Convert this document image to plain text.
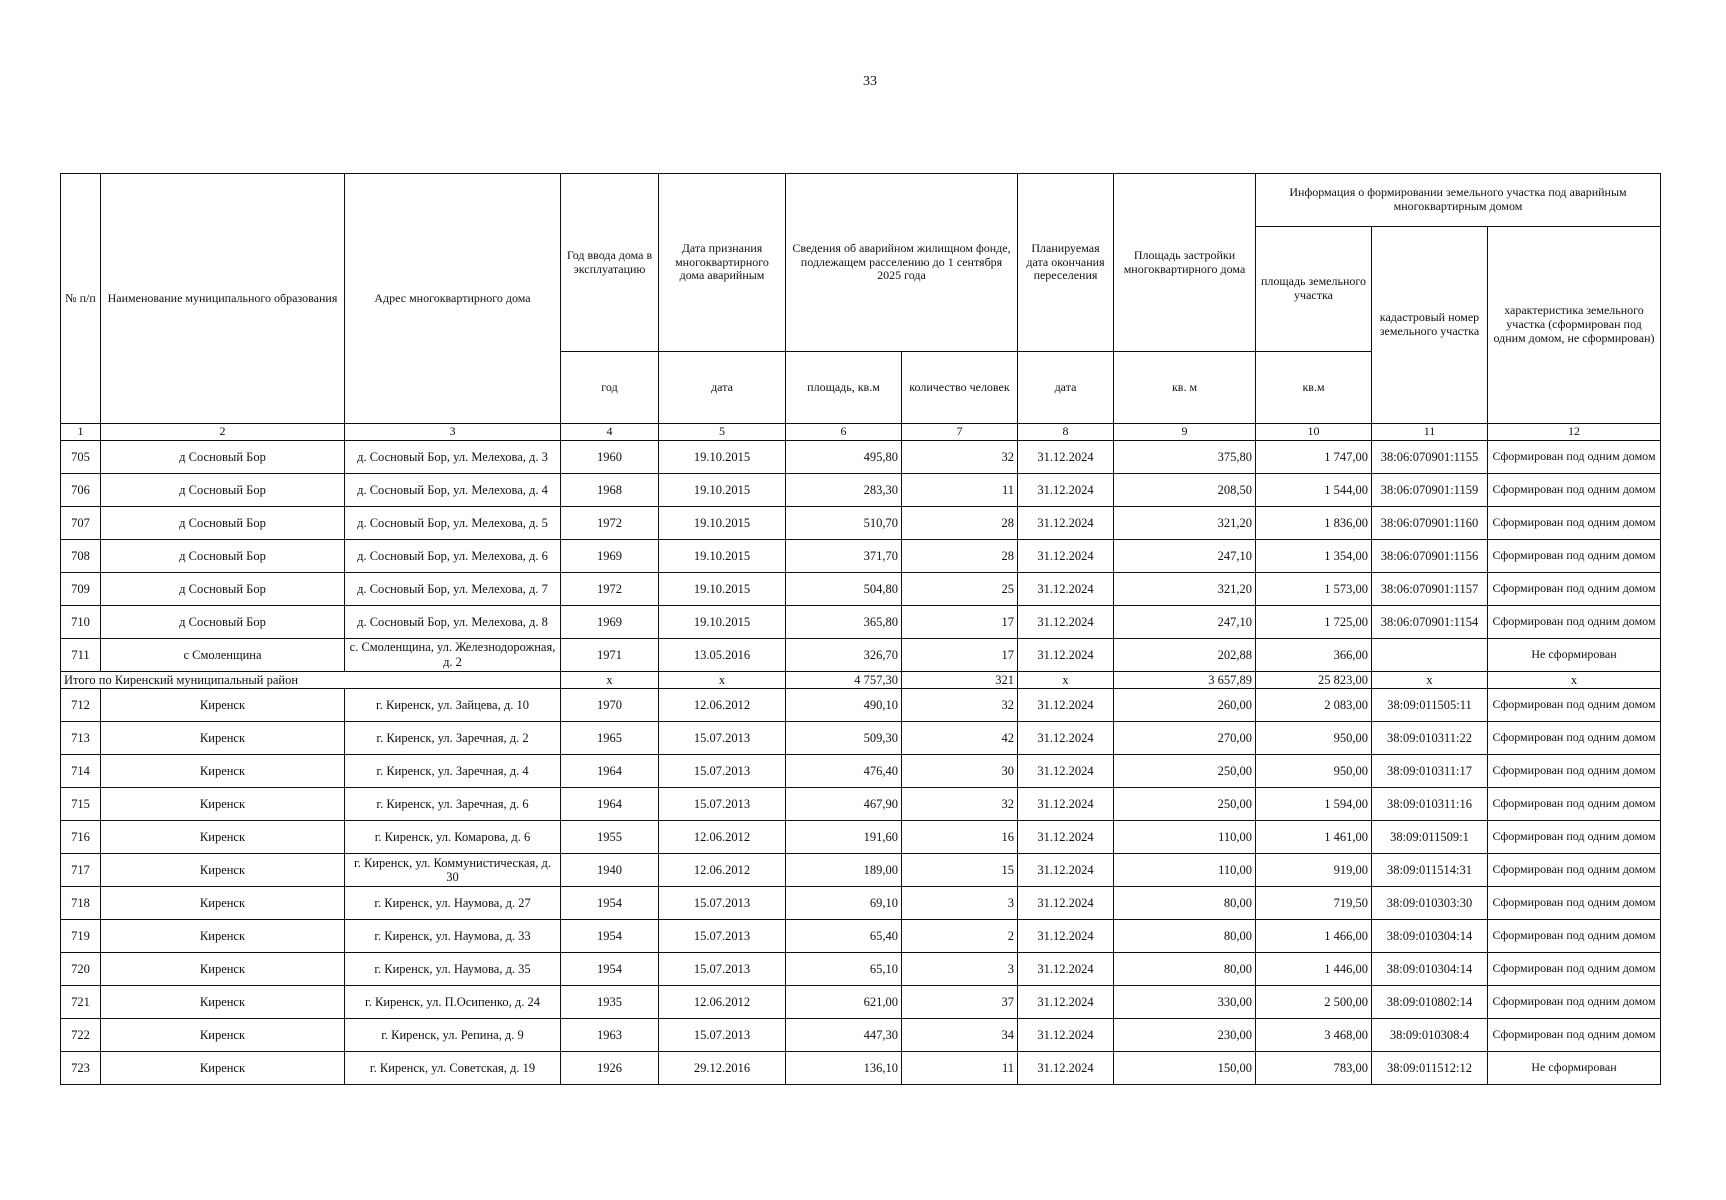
33
№ п/п	Наименование муниципального образования	Адрес многоквартирного дома	Год ввода дома в эксплуатацию	Дата признания многоквартирного дома аварийным	Сведения об аварийном жилищном фонде, подлежащем расселению до 1 сентября 2025 года		Планируемая дата окончания переселения	Площадь застройки многоквартирного дома	Информация о формировании земельного участка под аварийным многоквартирным домом		
									площадь земельного участка	кадастровый номер земельного участка	характеристика земельного участка (сформирован под одним домом, не сформирован)
			год	дата	площадь, кв.м	количество человек	дата	кв. м	кв.м		
1	2	3	4	5	6	7	8	9	10	11	12
705	д Сосновый Бор	д. Сосновый Бор, ул. Мелехова, д. 3	1960	19.10.2015	495,80	32	31.12.2024	375,80	1 747,00	38:06:070901:1155	Сформирован под одним домом
706	д Сосновый Бор	д. Сосновый Бор, ул. Мелехова, д. 4	1968	19.10.2015	283,30	11	31.12.2024	208,50	1 544,00	38:06:070901:1159	Сформирован под одним домом
707	д Сосновый Бор	д. Сосновый Бор, ул. Мелехова, д. 5	1972	19.10.2015	510,70	28	31.12.2024	321,20	1 836,00	38:06:070901:1160	Сформирован под одним домом
708	д Сосновый Бор	д. Сосновый Бор, ул. Мелехова, д. 6	1969	19.10.2015	371,70	28	31.12.2024	247,10	1 354,00	38:06:070901:1156	Сформирован под одним домом
709	д Сосновый Бор	д. Сосновый Бор, ул. Мелехова, д. 7	1972	19.10.2015	504,80	25	31.12.2024	321,20	1 573,00	38:06:070901:1157	Сформирован под одним домом
710	д Сосновый Бор	д. Сосновый Бор, ул. Мелехова, д. 8	1969	19.10.2015	365,80	17	31.12.2024	247,10	1 725,00	38:06:070901:1154	Сформирован под одним домом
711	с Смоленщина	с. Смоленщина, ул. Железнодорожная, д. 2	1971	13.05.2016	326,70	17	31.12.2024	202,88	366,00		Не сформирован
Итого по Киренский муниципальный район			x	x	4 757,30	321	x	3 657,89	25 823,00	x	x
712	Киренск	г. Киренск, ул. Зайцева, д. 10	1970	12.06.2012	490,10	32	31.12.2024	260,00	2 083,00	38:09:011505:11	Сформирован под одним домом
713	Киренск	г. Киренск, ул. Заречная, д. 2	1965	15.07.2013	509,30	42	31.12.2024	270,00	950,00	38:09:010311:22	Сформирован под одним домом
714	Киренск	г. Киренск, ул. Заречная, д. 4	1964	15.07.2013	476,40	30	31.12.2024	250,00	950,00	38:09:010311:17	Сформирован под одним домом
715	Киренск	г. Киренск, ул. Заречная, д. 6	1964	15.07.2013	467,90	32	31.12.2024	250,00	1 594,00	38:09:010311:16	Сформирован под одним домом
716	Киренск	г. Киренск, ул. Комарова, д. 6	1955	12.06.2012	191,60	16	31.12.2024	110,00	1 461,00	38:09:011509:1	Сформирован под одним домом
717	Киренск	г. Киренск, ул. Коммунистическая, д. 30	1940	12.06.2012	189,00	15	31.12.2024	110,00	919,00	38:09:011514:31	Сформирован под одним домом
718	Киренск	г. Киренск, ул. Наумова, д. 27	1954	15.07.2013	69,10	3	31.12.2024	80,00	719,50	38:09:010303:30	Сформирован под одним домом
719	Киренск	г. Киренск, ул. Наумова, д. 33	1954	15.07.2013	65,40	2	31.12.2024	80,00	1 466,00	38:09:010304:14	Сформирован под одним домом
720	Киренск	г. Киренск, ул. Наумова, д. 35	1954	15.07.2013	65,10	3	31.12.2024	80,00	1 446,00	38:09:010304:14	Сформирован под одним домом
721	Киренск	г. Киренск, ул. П.Осипенко, д. 24	1935	12.06.2012	621,00	37	31.12.2024	330,00	2 500,00	38:09:010802:14	Сформирован под одним домом
722	Киренск	г. Киренск, ул. Репина, д. 9	1963	15.07.2013	447,30	34	31.12.2024	230,00	3 468,00	38:09:010308:4	Сформирован под одним домом
723	Киренск	г. Киренск, ул. Советская, д. 19	1926	29.12.2016	136,10	11	31.12.2024	150,00	783,00	38:09:011512:12	Не сформирован
